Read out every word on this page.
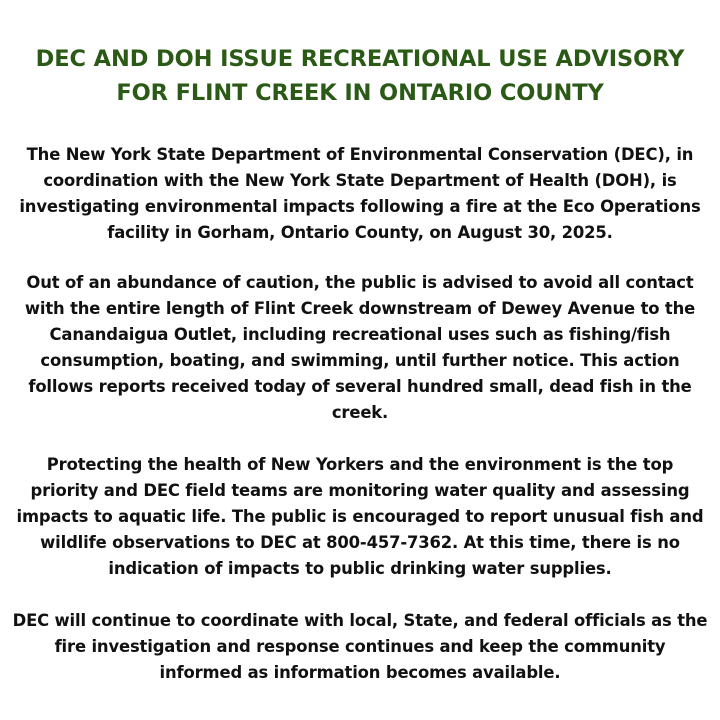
DEC AND DOH ISSUE RECREATIONAL USE ADVISORY FOR FLINT CREEK IN ONTARIO COUNTY

The New York State Department of Environmental Conservation (DEC), in coordination with the New York State Department of Health (DOH), is investigating environmental impacts following a fire at the Eco Operations facility in Gorham, Ontario County, on August 30, 2025.

Out of an abundance of caution, the public is advised to avoid all contact with the entire length of Flint Creek downstream of Dewey Avenue to the Canandaigua Outlet, including recreational uses such as fishing/fish consumption, boating, and swimming, until further notice. This action follows reports received today of several hundred small, dead fish in the creek.

Protecting the health of New Yorkers and the environment is the top priority and DEC field teams are monitoring water quality and assessing impacts to aquatic life. The public is encouraged to report unusual fish and wildlife observations to DEC at 800-457-7362. At this time, there is no indication of impacts to public drinking water supplies.

DEC will continue to coordinate with local, State, and federal officials as the fire investigation and response continues and keep the community informed as information becomes available.
